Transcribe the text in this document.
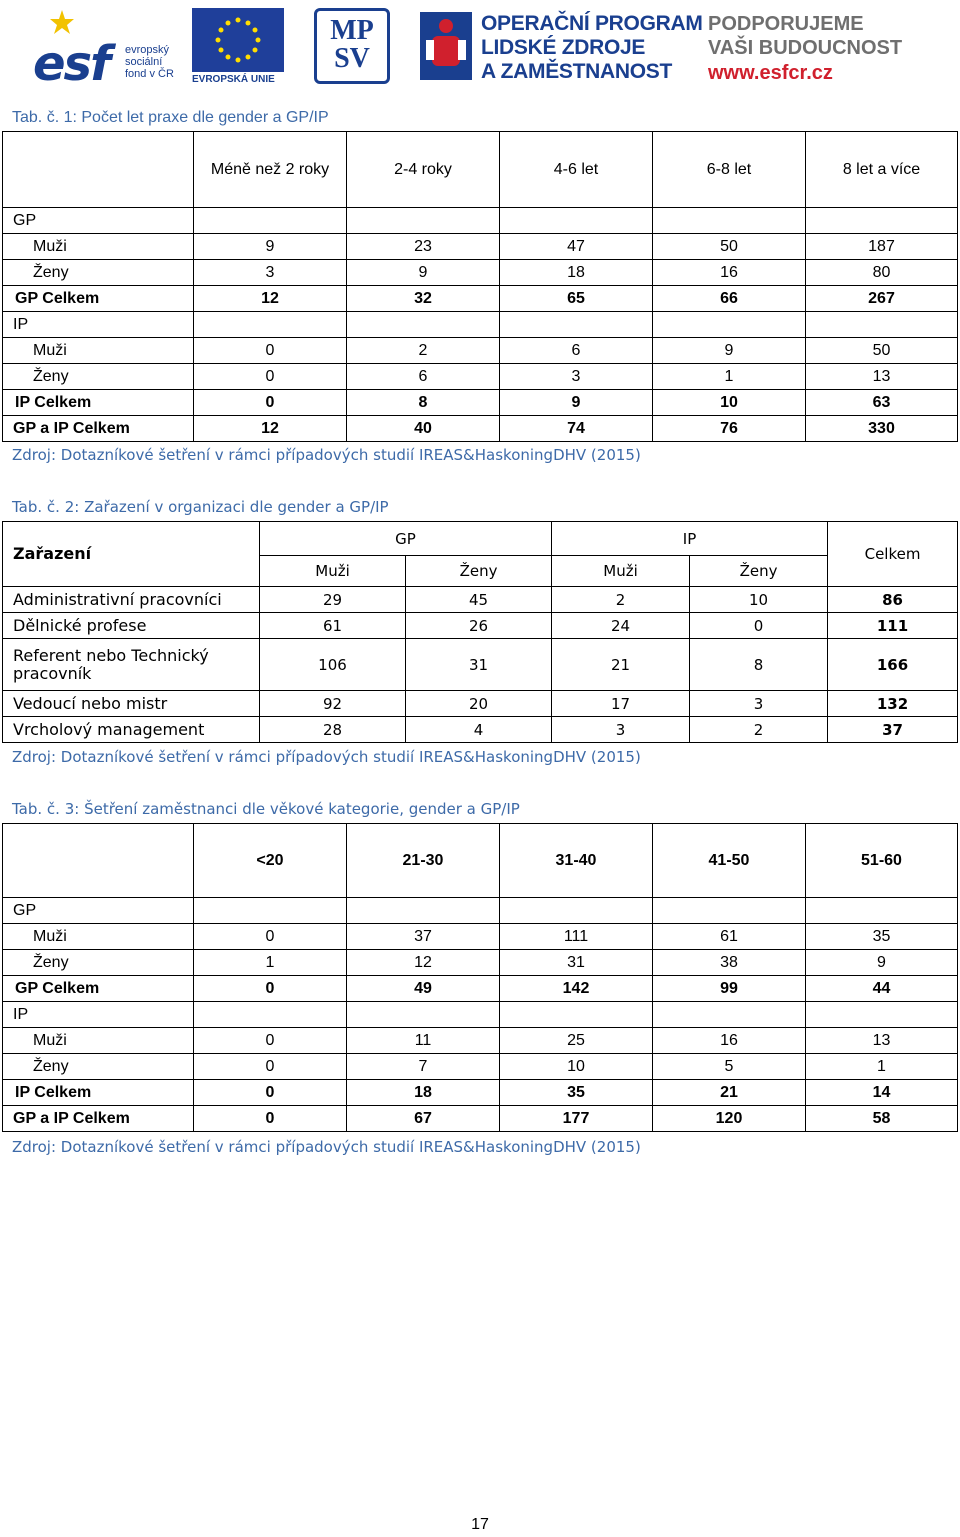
esf evropský
sociální
fond v ČR EVROPSKÁ UNIE
MP
SV
OPERAČNÍ PROGRAM
LIDSKÉ ZDROJE
A ZAMĚSTNANOST
PODPORUJEME
VAŠI BUDOUCNOST
www.esfcr.cz
Tab. č. 1: Počet let praxe dle gender a GP/IP
	Méně než 2 roky	2-4 roky	4-6 let	6-8 let	8 let a více
GP					
Muži	9	23	47	50	187
Ženy	3	9	18	16	80
GP Celkem	12	32	65	66	267
IP					
Muži	0	2	6	9	50
Ženy	0	6	3	1	13
IP Celkem	0	8	9	10	63
GP a IP Celkem	12	40	74	76	330
Zdroj: Dotazníkové šetření v rámci případových studií IREAS&HaskoningDHV (2015)
Tab. č. 2: Zařazení v organizaci dle gender a GP/IP
Zařazení	GP		IP		Celkem
	Muži	Ženy	Muži	Ženy	
Administrativní pracovníci	29	45	2	10	86
Dělnické profese	61	26	24	0	111
Referent nebo Technický pracovník	106	31	21	8	166
Vedoucí nebo mistr	92	20	17	3	132
Vrcholový management	28	4	3	2	37
Zdroj: Dotazníkové šetření v rámci případových studií IREAS&HaskoningDHV (2015)
Tab. č. 3: Šetření zaměstnanci dle věkové kategorie, gender a GP/IP
	<20	21-30	31-40	41-50	51-60
GP					
Muži	0	37	111	61	35
Ženy	1	12	31	38	9
GP Celkem	0	49	142	99	44
IP					
Muži	0	11	25	16	13
Ženy	0	7	10	5	1
IP Celkem	0	18	35	21	14
GP a IP Celkem	0	67	177	120	58
Zdroj: Dotazníkové šetření v rámci případových studií IREAS&HaskoningDHV (2015)
17
